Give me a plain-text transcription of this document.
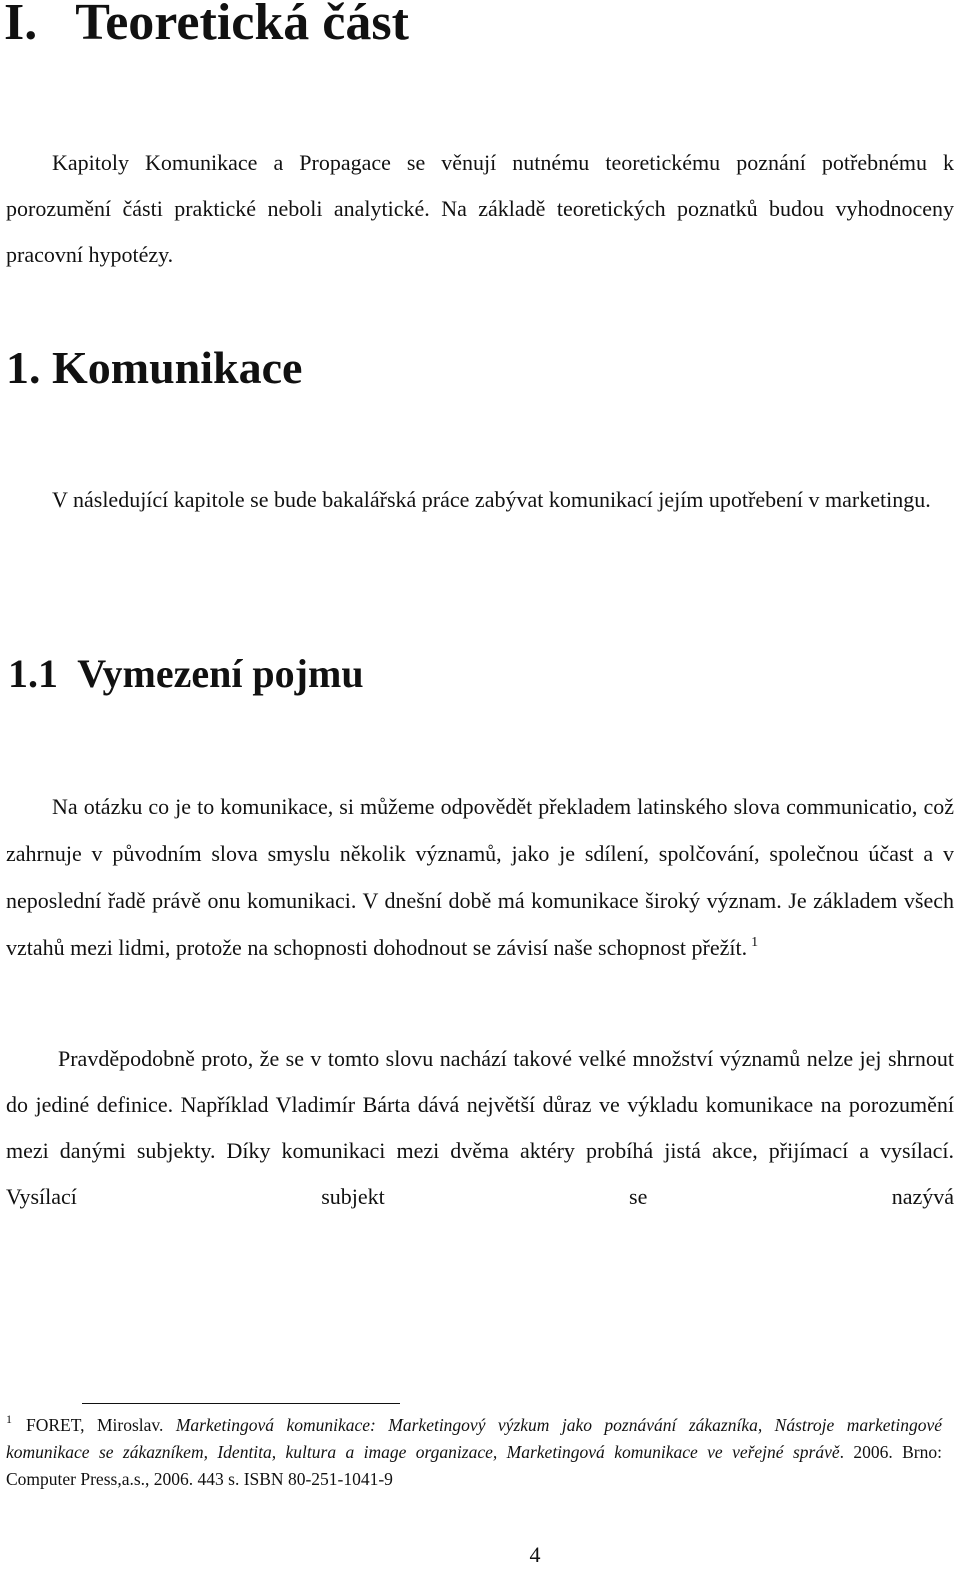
I.   Teoretická část

Kapitoly Komunikace a Propagace se věnují nutnému teoretickému poznání potřebnému k porozumění části praktické neboli analytické. Na základě teoretických poznatků budou vyhodnoceny pracovní hypotézy.

1. Komunikace

V následující kapitole se bude bakalářská práce zabývat komunikací jejím upotřebení v marketingu.

1.1  Vymezení pojmu

Na otázku co je to komunikace, si můžeme odpovědět překladem latinského slova communicatio, což zahrnuje v původním slova smyslu několik významů, jako je sdílení, spolčování, společnou účast a v neposlední řadě právě onu komunikaci. V dnešní době má komunikace široký význam. Je základem všech vztahů mezi lidmi, protože na schopnosti dohodnout se závisí naše schopnost přežít. $^1$

Pravděpodobně proto, že se v tomto slovu nachází takové velké množství významů nelze jej shrnout do jediné definice. Například Vladimír Bárta dává největší důraz ve výkladu komunikace na porozumění mezi danými subjekty. Díky komunikaci mezi dvěma aktéry probíhá jistá akce, přijímací a vysílací. Vysílací subjekt se nazývá

$^1$ FORET, Miroslav. Marketingová komunikace: Marketingový výzkum jako poznávání zákazníka, Nástroje marketingové komunikace se zákazníkem, Identita, kultura a image organizace, Marketingová komunikace ve veřejné správě. 2006. Brno: Computer Press,a.s., 2006. 443 s. ISBN 80-251-1041-9

4
